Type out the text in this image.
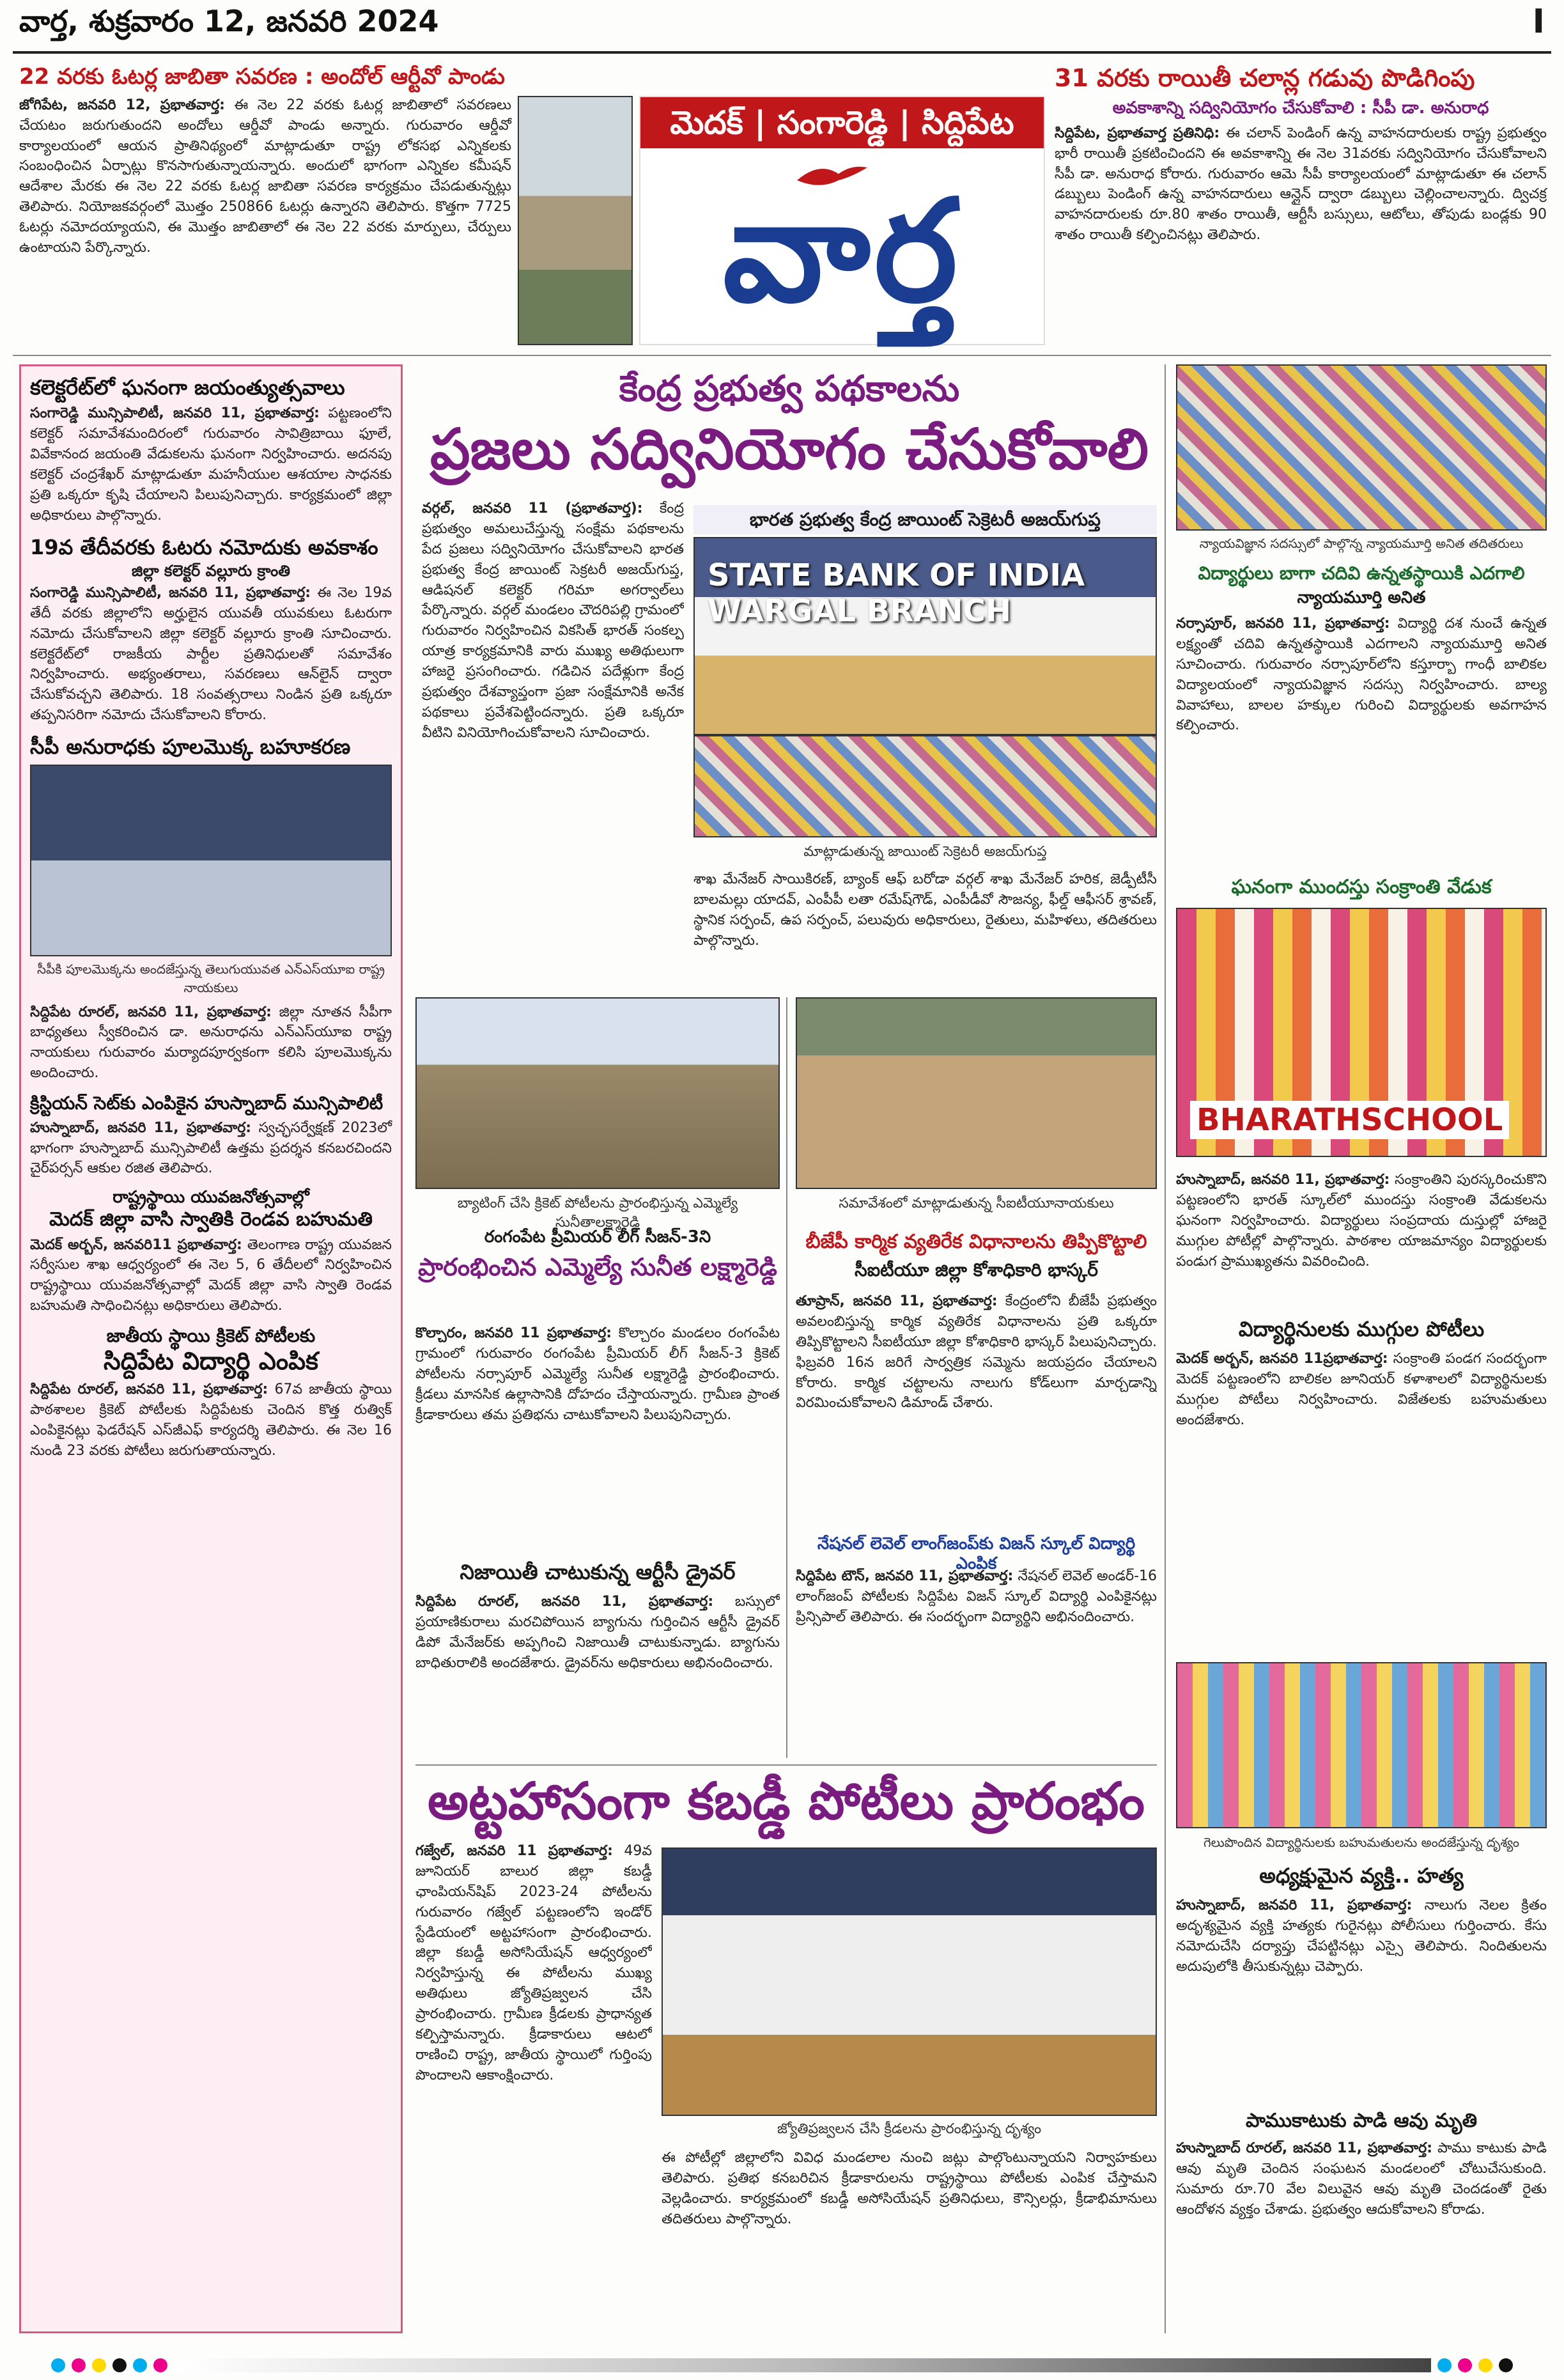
వార్త, శుక్రవారం 12, జనవరి 2024	I
22 వరకు ఓటర్ల జాబితా సవరణ : అందోల్ ఆర్టీవో పాండు
జోగిపేట, జనవరి 12, ప్రభాతవార్త: ఈ నెల 22 వరకు ఓటర్ల జాబితాలో సవరణలు చేయటం జరుగుతుందని అందోలు ఆర్డీవో పాండు అన్నారు. గురువారం ఆర్డీవో కార్యాలయంలో ఆయన ప్రాతినిథ్యంలో మాట్లాడుతూ రాష్ట్ర లోకసభ ఎన్నికలకు సంబంధించిన ఏర్పాట్లు కొనసాగుతున్నాయన్నారు. అందులో భాగంగా ఎన్నికల కమీషన్ ఆదేశాల మేరకు ఈ నెల 22 వరకు ఓటర్ల జాబితా సవరణ కార్యక్రమం చేపడుతున్నట్లు తెలిపారు. నియోజకవర్గంలో మొత్తం 250866 ఓటర్లు ఉన్నారని తెలిపారు. కొత్తగా 7725 ఓటర్లు నమోదయ్యాయని, ఈ మొత్తం జాబితాలో ఈ నెల 22 వరకు మార్పులు, చేర్పులు ఉంటాయని పేర్కొన్నారు.
మెదక్ | సంగారెడ్డి | సిద్దిపేట
వార్త
31 వరకు రాయితీ చలాన్ల గడువు పొడిగింపు
అవకాశాన్ని సద్వినియోగం చేసుకోవాలి : సీపీ డా. అనురాధ
సిద్దిపేట, ప్రభాతవార్త ప్రతినిధి: ఈ చలాన్ పెండింగ్ ఉన్న వాహనదారులకు రాష్ట్ర ప్రభుత్వం భారీ రాయితీ ప్రకటించిందని ఈ అవకాశాన్ని ఈ నెల 31వరకు సద్వినియోగం చేసుకోవాలని సీపీ డా. అనురాధ కోరారు. గురువారం ఆమె సీపీ కార్యాలయంలో మాట్లాడుతూ ఈ చలాన్ డబ్బులు పెండింగ్ ఉన్న వాహనదారులు ఆన్లైన్ ద్వారా డబ్బులు చెల్లించాలన్నారు. ద్విచక్ర వాహనదారులకు రూ.80 శాతం రాయితీ, ఆర్టీసీ బస్సులు, ఆటోలు, తోపుడు బండ్లకు 90 శాతం రాయితీ కల్పించినట్లు తెలిపారు.
కలెక్టరేట్‌లో ఘనంగా జయంత్యుత్సవాలు
సంగారెడ్డి మున్సిపాలిటీ, జనవరి 11, ప్రభాతవార్త: పట్టణంలోని కలెక్టర్ సమావేశమందిరంలో గురువారం సావిత్రిబాయి ఫూలే, వివేకానంద జయంతి వేడుకలను ఘనంగా నిర్వహించారు. అదనపు కలెక్టర్ చంద్రశేఖర్ మాట్లాడుతూ మహనీయుల ఆశయాల సాధనకు ప్రతి ఒక్కరూ కృషి చేయాలని పిలుపునిచ్చారు. కార్యక్రమంలో జిల్లా అధికారులు పాల్గొన్నారు.
19వ తేదీవరకు ఓటరు నమోదుకు అవకాశం
జిల్లా కలెక్టర్ వల్లూరు క్రాంతి
సంగారెడ్డి మున్సిపాలిటీ, జనవరి 11, ప్రభాతవార్త: ఈ నెల 19వ తేదీ వరకు జిల్లాలోని అర్హులైన యువతీ యువకులు ఓటరుగా నమోదు చేసుకోవాలని జిల్లా కలెక్టర్ వల్లూరు క్రాంతి సూచించారు. కలెక్టరేట్‌లో రాజకీయ పార్టీల ప్రతినిధులతో సమావేశం నిర్వహించారు. అభ్యంతరాలు, సవరణలు ఆన్‌లైన్ ద్వారా చేసుకోవచ్చని తెలిపారు. 18 సంవత్సరాలు నిండిన ప్రతి ఒక్కరూ తప్పనిసరిగా నమోదు చేసుకోవాలని కోరారు.
సీపీ అనురాధకు పూలమొక్క బహూకరణ
సీపీకి పూలమొక్కను అందజేస్తున్న తెలుగుయువత ఎన్‌ఎస్‌యూఐ రాష్ట్ర నాయకులు
సిద్దిపేట రూరల్, జనవరి 11, ప్రభాతవార్త: జిల్లా నూతన సీపీగా బాధ్యతలు స్వీకరించిన డా. అనురాధను ఎన్‌ఎస్‌యూఐ రాష్ట్ర నాయకులు గురువారం మర్యాదపూర్వకంగా కలిసి పూలమొక్కను అందించారు.
క్రిస్టియన్ సెట్‌కు ఎంపికైన హుస్నాబాద్ మున్సిపాలిటీ
హుస్నాబాద్, జనవరి 11, ప్రభాతవార్త: స్వచ్ఛసర్వేక్షణ్ 2023లో భాగంగా హుస్నాబాద్ మున్సిపాలిటీ ఉత్తమ ప్రదర్శన కనబరచిందని చైర్‌పర్సన్ ఆకుల రజిత తెలిపారు.
రాష్ట్రస్థాయి యువజనోత్సవాల్లో
మెదక్ జిల్లా వాసి స్వాతికి రెండవ బహుమతి
మెదక్ అర్బన్, జనవరి11 ప్రభాతవార్త: తెలంగాణ రాష్ట్ర యువజన సర్వీసుల శాఖ ఆధ్వర్యంలో ఈ నెల 5, 6 తేదీలలో నిర్వహించిన రాష్ట్రస్థాయి యువజనోత్సవాల్లో మెదక్ జిల్లా వాసి స్వాతి రెండవ బహుమతి సాధించినట్లు అధికారులు తెలిపారు.
జాతీయ స్థాయి క్రికెట్ పోటీలకు
సిద్దిపేట విద్యార్థి ఎంపిక
సిద్దిపేట రూరల్, జనవరి 11, ప్రభాతవార్త: 67వ జాతీయ స్థాయి పాఠశాలల క్రికెట్ పోటీలకు సిద్దిపేటకు చెందిన కొత్త రుత్విక్ ఎంపికైనట్లు ఫెడరేషన్ ఎస్‌జీఎఫ్ కార్యదర్శి తెలిపారు. ఈ నెల 16 నుండి 23 వరకు పోటీలు జరుగుతాయన్నారు.
కేంద్ర ప్రభుత్వ పథకాలను
ప్రజలు సద్వినియోగం చేసుకోవాలి
వర్గల్, జనవరి 11 (ప్రభాతవార్త): కేంద్ర ప్రభుత్వం అమలుచేస్తున్న సంక్షేమ పథకాలను పేద ప్రజలు సద్వినియోగం చేసుకోవాలని భారత ప్రభుత్వ కేంద్ర జాయింట్ సెక్రటరీ అజయ్‌గుప్త, ఆడిషనల్ కలెక్టర్ గరిమా అగర్వాల్‌లు పేర్కొన్నారు. వర్గల్ మండలం చౌదరిపల్లి గ్రామంలో గురువారం నిర్వహించిన వికసిత్ భారత్ సంకల్ప యాత్ర కార్యక్రమానికి వారు ముఖ్య అతిథులుగా హాజరై ప్రసంగించారు. గడిచిన పదేళ్లుగా కేంద్ర ప్రభుత్వం దేశవ్యాప్తంగా ప్రజా సంక్షేమానికి అనేక పథకాలు ప్రవేశపెట్టిందన్నారు. ప్రతి ఒక్కరూ వీటిని వినియోగించుకోవాలని సూచించారు.
భారత ప్రభుత్వ కేంద్ర జాయింట్ సెక్రెటరీ అజయ్‌గుప్త
STATE BANK OF INDIA WARGAL BRANCH
మాట్లాడుతున్న జాయింట్ సెక్రెటరీ అజయ్‌గుప్త
శాఖ మేనేజర్ సాయికిరణ్, బ్యాంక్ ఆఫ్ బరోడా వర్గల్ శాఖ మేనేజర్ హరిక, జెడ్పీటీసీ బాలమల్లు యాదవ్, ఎంపీపీ లతా రమేష్‌గౌడ్, ఎంపీడీవో సౌజన్య, ఫీల్డ్ ఆఫీసర్ శ్రావణ్, స్థానిక సర్పంచ్, ఉప సర్పంచ్, పలువురు అధికారులు, రైతులు, మహిళలు, తదితరులు పాల్గొన్నారు.
బ్యాటింగ్ చేసి క్రికెట్ పోటీలను ప్రారంభిస్తున్న ఎమ్మెల్యే సునీతాలక్ష్మారెడ్డి
రంగంపేట ప్రీమియర్ లీగ్ సీజన్-3ని
ప్రారంభించిన ఎమ్మెల్యే సునీత లక్ష్మారెడ్డి
కొల్చారం, జనవరి 11 ప్రభాతవార్త: కొల్చారం మండలం రంగంపేట గ్రామంలో గురువారం రంగంపేట ప్రీమియర్ లీగ్ సీజన్-3 క్రికెట్ పోటీలను నర్సాపూర్ ఎమ్మెల్యే సునీత లక్ష్మారెడ్డి ప్రారంభించారు. క్రీడలు మానసిక ఉల్లాసానికి దోహదం చేస్తాయన్నారు. గ్రామీణ ప్రాంత క్రీడాకారులు తమ ప్రతిభను చాటుకోవాలని పిలుపునిచ్చారు.
నిజాయితీ చాటుకున్న ఆర్టీసీ డ్రైవర్
సిద్దిపేట రూరల్, జనవరి 11, ప్రభాతవార్త: బస్సులో ప్రయాణికురాలు మరచిపోయిన బ్యాగును గుర్తించిన ఆర్టీసీ డ్రైవర్ డిపో మేనేజర్‌కు అప్పగించి నిజాయితీ చాటుకున్నాడు. బ్యాగును బాధితురాలికి అందజేశారు. డ్రైవర్‌ను అధికారులు అభినందించారు.
సమావేశంలో మాట్లాడుతున్న సీఐటీయూనాయకులు
బీజేపీ కార్మిక వ్యతిరేక విధానాలను తిప్పికొట్టాలి
సీఐటీయూ జిల్లా కోశాధికారి భాస్కర్
తూప్రాన్, జనవరి 11, ప్రభాతవార్త: కేంద్రంలోని బీజేపీ ప్రభుత్వం అవలంబిస్తున్న కార్మిక వ్యతిరేక విధానాలను ప్రతి ఒక్కరూ తిప్పికొట్టాలని సీఐటీయూ జిల్లా కోశాధికారి భాస్కర్ పిలుపునిచ్చారు. ఫిబ్రవరి 16న జరిగే సార్వత్రిక సమ్మెను జయప్రదం చేయాలని కోరారు. కార్మిక చట్టాలను నాలుగు కోడ్‌లుగా మార్చడాన్ని విరమించుకోవాలని డిమాండ్ చేశారు.
నేషనల్ లెవెల్ లాంగ్‌జంప్‌కు విజన్ స్కూల్ విద్యార్థి ఎంపిక
సిద్దిపేట టౌన్, జనవరి 11, ప్రభాతవార్త: నేషనల్ లెవెల్ అండర్-16 లాంగ్‌జంప్ పోటీలకు సిద్దిపేట విజన్ స్కూల్ విద్యార్థి ఎంపికైనట్లు ప్రిన్సిపాల్ తెలిపారు. ఈ సందర్భంగా విద్యార్థిని అభినందించారు.
న్యాయవిజ్ఞాన సదస్సులో పాల్గొన్న న్యాయమూర్తి అనిత తదితరులు
విద్యార్థులు బాగా చదివి ఉన్నతస్థాయికి ఎదగాలి
న్యాయమూర్తి అనిత
నర్సాపూర్, జనవరి 11, ప్రభాతవార్త: విద్యార్థి దశ నుంచే ఉన్నత లక్ష్యంతో చదివి ఉన్నతస్థాయికి ఎదగాలని న్యాయమూర్తి అనిత సూచించారు. గురువారం నర్సాపూర్‌లోని కస్తూర్బా గాంధీ బాలికల విద్యాలయంలో న్యాయవిజ్ఞాన సదస్సు నిర్వహించారు. బాల్య వివాహాలు, బాలల హక్కుల గురించి విద్యార్థులకు అవగాహన కల్పించారు.
ఘనంగా ముందస్తు సంక్రాంతి వేడుక
BHARATHSCHOOL
హుస్నాబాద్, జనవరి 11, ప్రభాతవార్త: సంక్రాంతిని పురస్కరించుకొని పట్టణంలోని భారత్ స్కూల్‌లో ముందస్తు సంక్రాంతి వేడుకలను ఘనంగా నిర్వహించారు. విద్యార్థులు సంప్రదాయ దుస్తుల్లో హాజరై ముగ్గుల పోటీల్లో పాల్గొన్నారు. పాఠశాల యాజమాన్యం విద్యార్థులకు పండుగ ప్రాముఖ్యతను వివరించింది.
విద్యార్థినులకు ముగ్గుల పోటీలు
మెదక్ అర్బన్, జనవరి 11ప్రభాతవార్త: సంక్రాంతి పండగ సందర్భంగా మెదక్ పట్టణంలోని బాలికల జూనియర్ కళాశాలలో విద్యార్థినులకు ముగ్గుల పోటీలు నిర్వహించారు. విజేతలకు బహుమతులు అందజేశారు.
గెలుపొందిన విద్యార్థినులకు బహుమతులను అందజేస్తున్న దృశ్యం
అధ్యక్షుమైన వ్యక్తి.. హత్య
హుస్నాబాద్, జనవరి 11, ప్రభాతవార్త: నాలుగు నెలల క్రితం అదృశ్యమైన వ్యక్తి హత్యకు గురైనట్లు పోలీసులు గుర్తించారు. కేసు నమోదుచేసి దర్యాప్తు చేపట్టినట్లు ఎస్సై తెలిపారు. నిందితులను అదుపులోకి తీసుకున్నట్లు చెప్పారు.
పాముకాటుకు పాడి ఆవు మృతి
హుస్నాబాద్ రూరల్, జనవరి 11, ప్రభాతవార్త: పాము కాటుకు పాడి ఆవు మృతి చెందిన సంఘటన మండలంలో చోటుచేసుకుంది. సుమారు రూ.70 వేల విలువైన ఆవు మృతి చెందడంతో రైతు ఆందోళన వ్యక్తం చేశాడు. ప్రభుత్వం ఆదుకోవాలని కోరాడు.
అట్టహాసంగా కబడ్డీ పోటీలు ప్రారంభం
గజ్వేల్, జనవరి 11 ప్రభాతవార్త: 49వ జూనియర్ బాలుర జిల్లా కబడ్డీ ఛాంపియన్‌షిప్ 2023-24 పోటీలను గురువారం గజ్వేల్ పట్టణంలోని ఇండోర్ స్టేడియంలో అట్టహాసంగా ప్రారంభించారు. జిల్లా కబడ్డీ అసోసియేషన్ ఆధ్వర్యంలో నిర్వహిస్తున్న ఈ పోటీలను ముఖ్య అతిథులు జ్యోతిప్రజ్వలన చేసి ప్రారంభించారు. గ్రామీణ క్రీడలకు ప్రాధాన్యత కల్పిస్తామన్నారు. క్రీడాకారులు ఆటలో రాణించి రాష్ట్ర, జాతీయ స్థాయిలో గుర్తింపు పొందాలని ఆకాంక్షించారు.
జ్యోతిప్రజ్వలన చేసి క్రీడలను ప్రారంభిస్తున్న దృశ్యం
ఈ పోటీల్లో జిల్లాలోని వివిధ మండలాల నుంచి జట్లు పాల్గొంటున్నాయని నిర్వాహకులు తెలిపారు. ప్రతిభ కనబరిచిన క్రీడాకారులను రాష్ట్రస్థాయి పోటీలకు ఎంపిక చేస్తామని వెల్లడించారు. కార్యక్రమంలో కబడ్డీ అసోసియేషన్ ప్రతినిధులు, కౌన్సిలర్లు, క్రీడాభిమానులు తదితరులు పాల్గొన్నారు.
